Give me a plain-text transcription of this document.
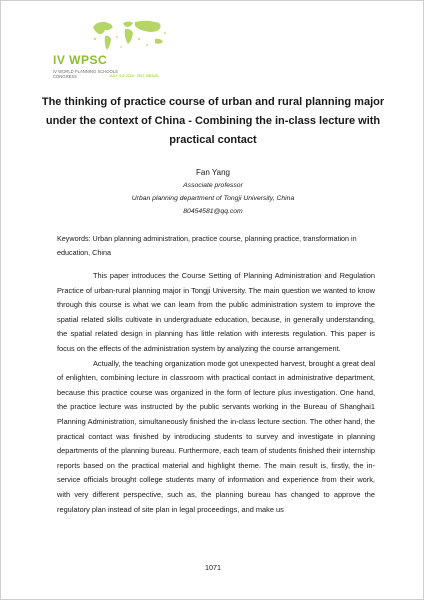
IV WPSC
IV WORLD PLANNING SCHOOLS CONGRESS	JULY 4-8 2016 · RIO, BRAZIL
The thinking of practice course of urban and rural planning major under the context of China - Combining the in-class lecture with practical contact
Fan Yang
Associate professor
Urban planning department of Tongji University, China
80454581@qq.com
Keywords: Urban planning administration, practice course, planning practice, transformation in education, China

This paper introduces the Course Setting of Planning Administration and Regulation Practice of urban-rural planning major in Tongji University. The main question we wanted to know through this course is what we can learn from the public administration system to improve the spatial related skills cultivate in undergraduate education, because, in generally understanding, the spatial related design in planning has little relation with interests regulation. This paper is focus on the effects of the administration system by analyzing the course arrangement.

Actually, the teaching organization mode got unexpected harvest, brought a great deal of enlighten, combining lecture in classroom with practical contact in administrative department, because this practice course was organized in the form of lecture plus investigation. One hand, the practice lecture was instructed by the public servants working in the Bureau of Shanghai1 Planning Administration, simultaneously finished the in-class lecture section. The other hand, the practical contact was finished by introducing students to survey and investigate in planning departments of the planning bureau. Furthermore, each team of students finished their internship reports based on the practical material and highlight theme. The main result is, firstly, the in-service officials brought college students many of information and experience from their work, with very different perspective, such as, the planning bureau has changed to approve the regulatory plan instead of site plan in legal proceedings, and make us

1071
